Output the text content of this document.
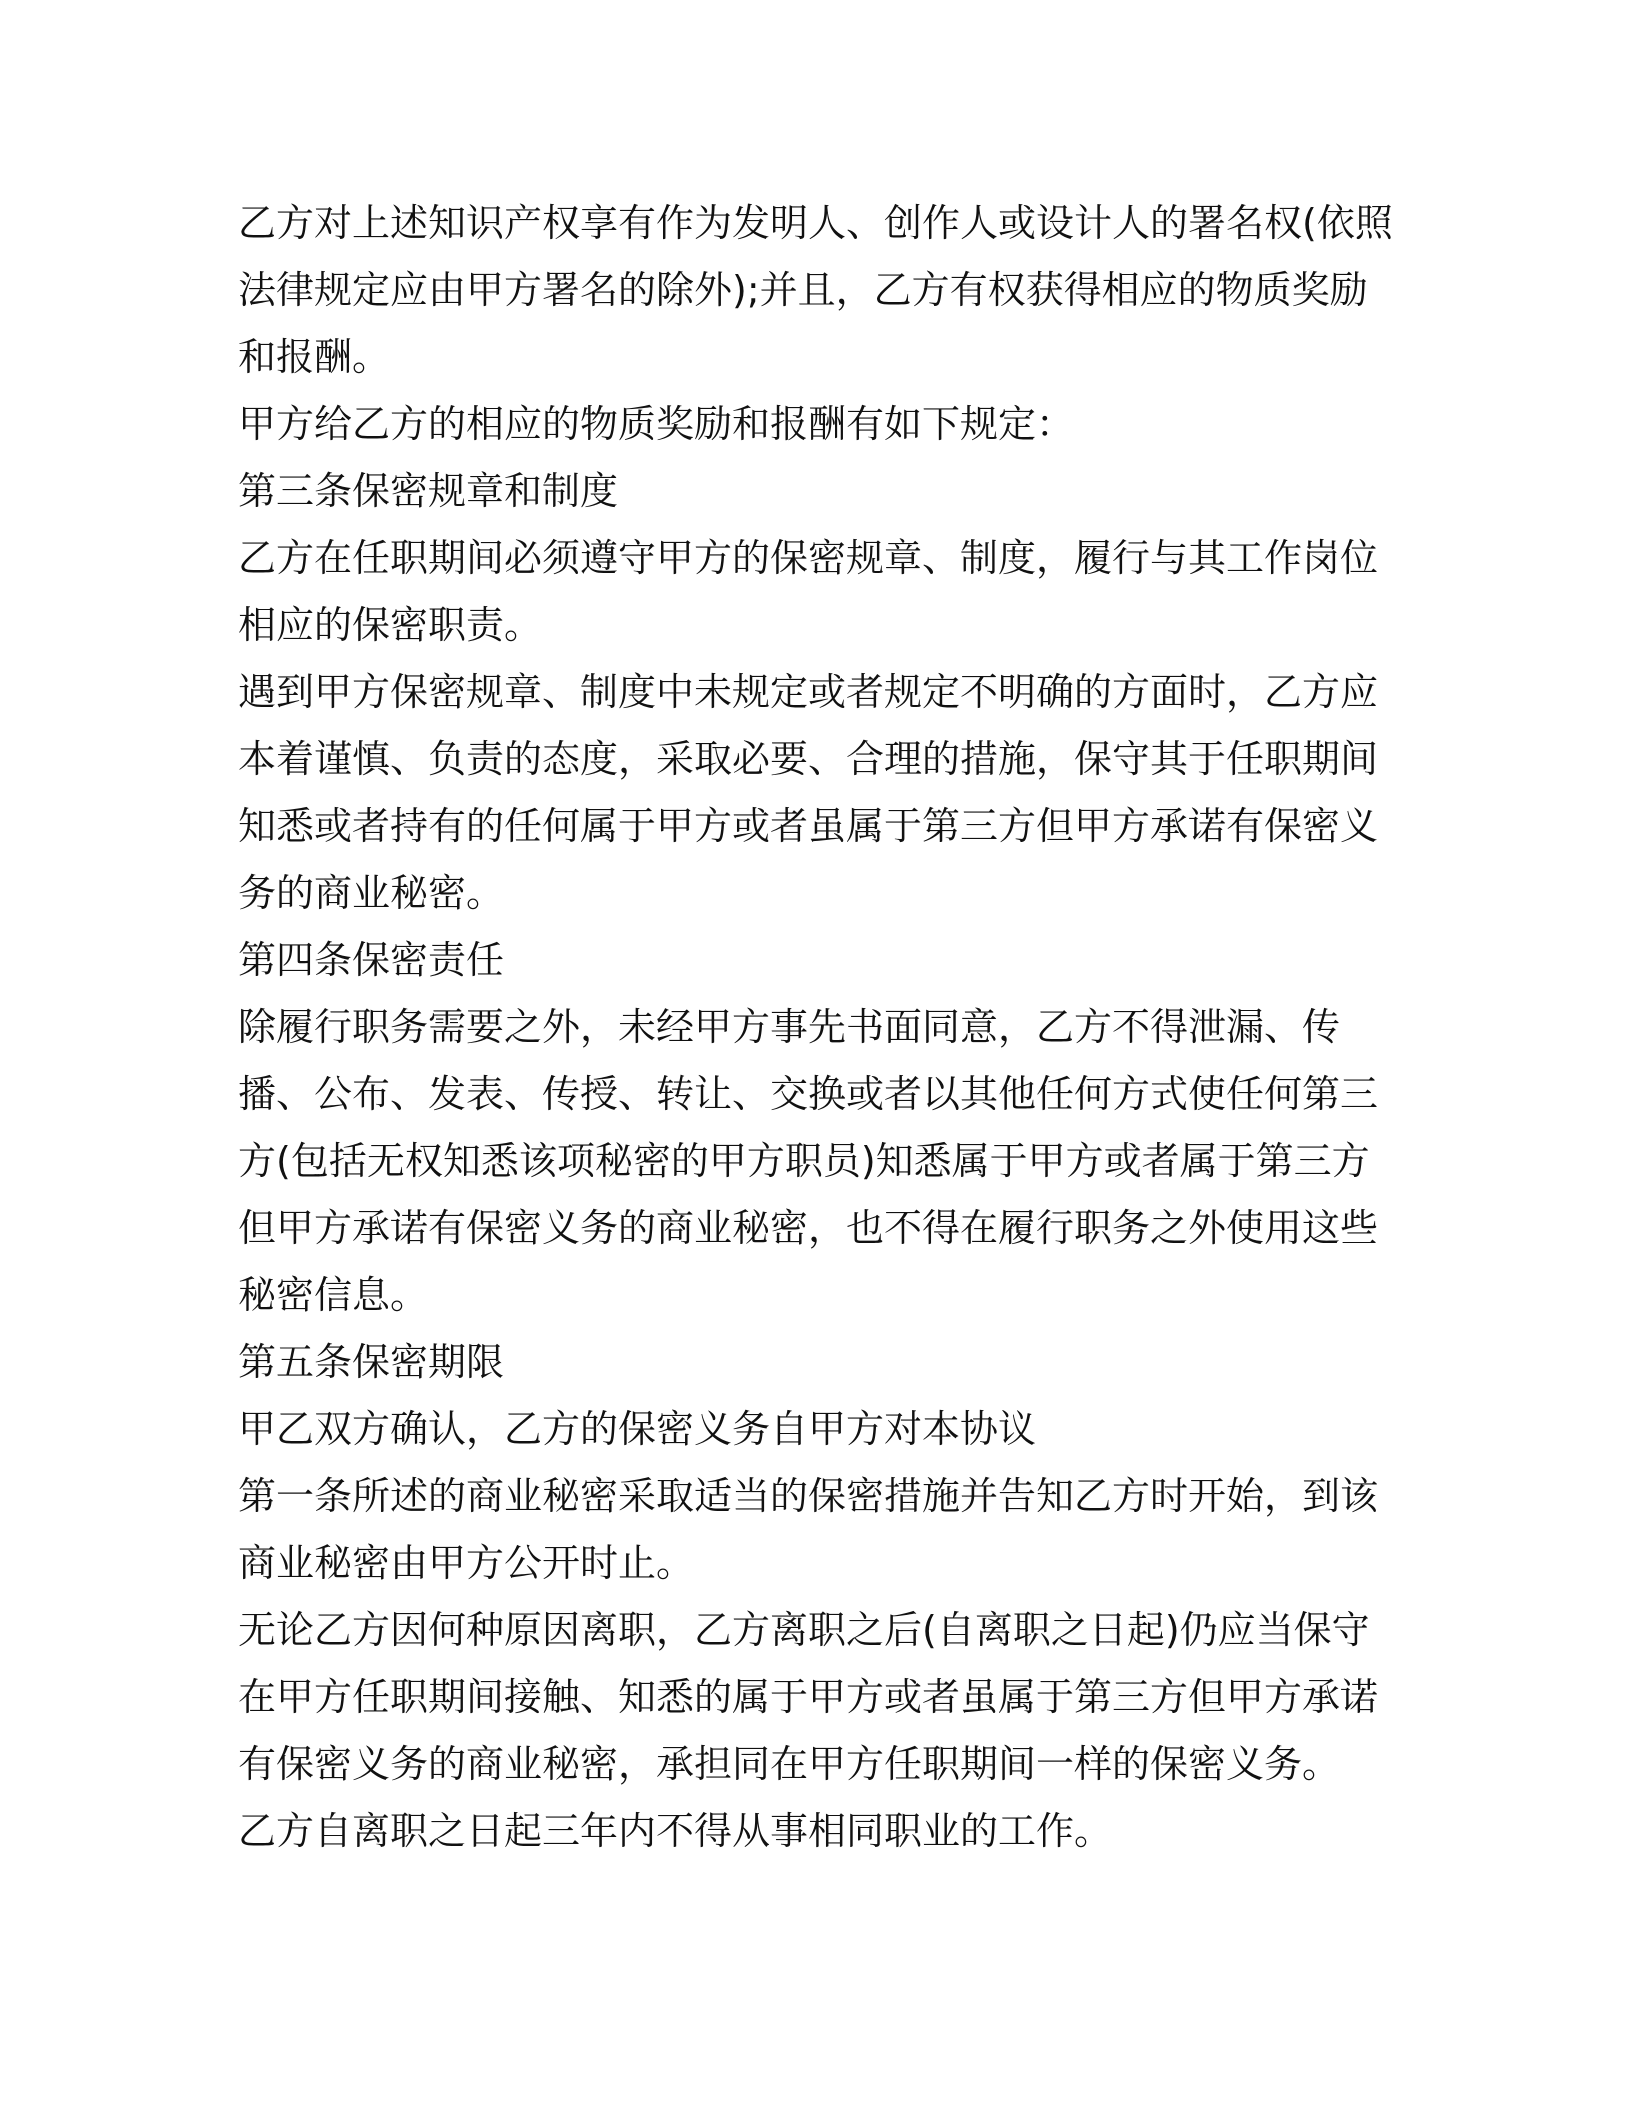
乙方对上述知识产权享有作为发明人、创作人或设计人的署名权(依照法律规定应由甲方署名的除外);并且，乙方有权获得相应的物质奖励和报酬。

甲方给乙方的相应的物质奖励和报酬有如下规定：

第三条保密规章和制度

乙方在任职期间必须遵守甲方的保密规章、制度，履行与其工作岗位相应的保密职责。

遇到甲方保密规章、制度中未规定或者规定不明确的方面时，乙方应本着谨慎、负责的态度，采取必要、合理的措施，保守其于任职期间知悉或者持有的任何属于甲方或者虽属于第三方但甲方承诺有保密义务的商业秘密。

第四条保密责任

除履行职务需要之外，未经甲方事先书面同意，乙方不得泄漏、传播、公布、发表、传授、转让、交换或者以其他任何方式使任何第三方(包括无权知悉该项秘密的甲方职员)知悉属于甲方或者属于第三方但甲方承诺有保密义务的商业秘密，也不得在履行职务之外使用这些秘密信息。

第五条保密期限

甲乙双方确认，乙方的保密义务自甲方对本协议

第一条所述的商业秘密采取适当的保密措施并告知乙方时开始，到该商业秘密由甲方公开时止。

无论乙方因何种原因离职，乙方离职之后(自离职之日起)仍应当保守在甲方任职期间接触、知悉的属于甲方或者虽属于第三方但甲方承诺有保密义务的商业秘密，承担同在甲方任职期间一样的保密义务。

乙方自离职之日起三年内不得从事相同职业的工作。
